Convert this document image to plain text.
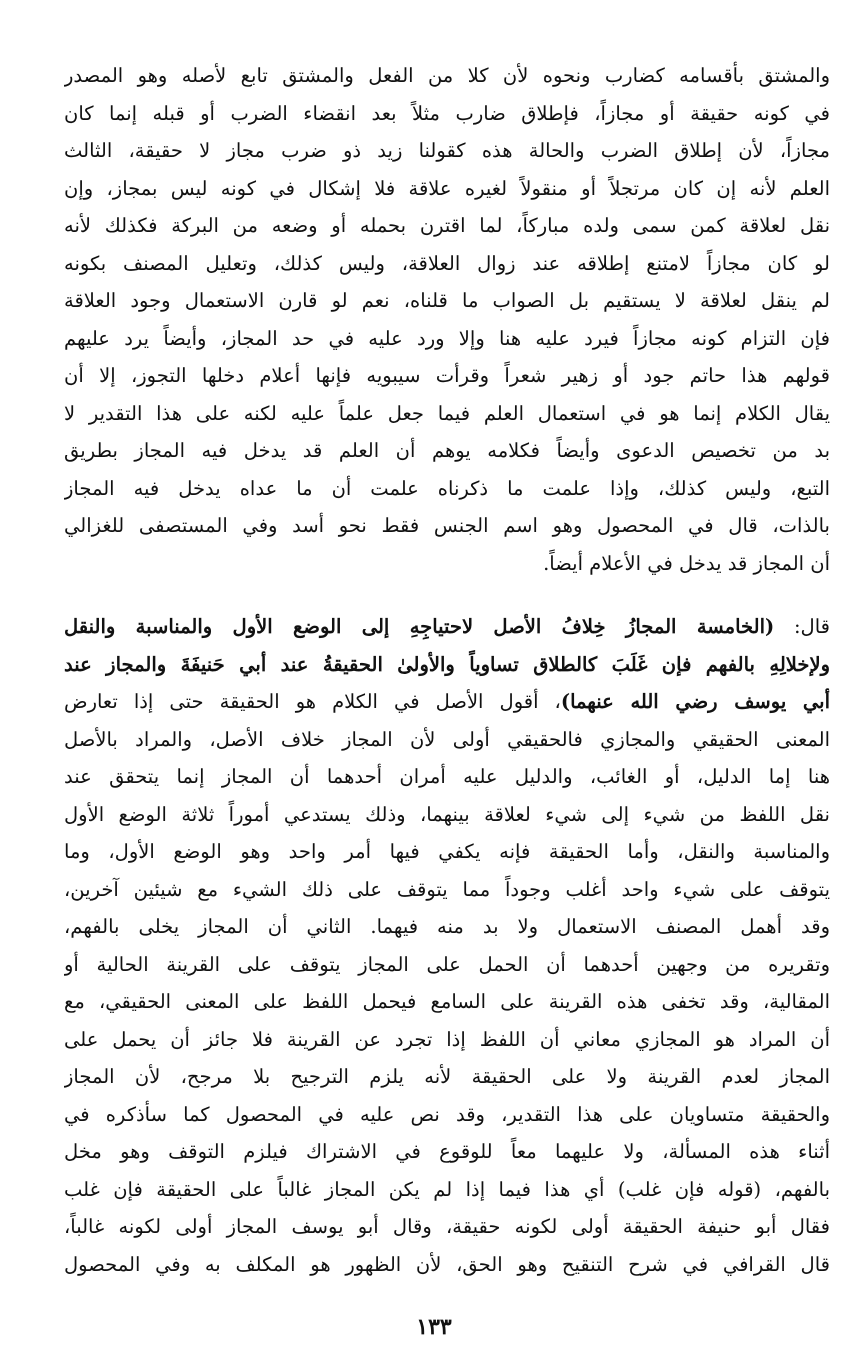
والمشتق بأقسامه كضارب ونحوه لأن كلا من الفعل والمشتق تابع لأصله وهو المصدر
في كونه حقيقة أو مجازاً، فإطلاق ضارب مثلاً بعد انقضاء الضرب أو قبله إنما كان
مجازاً، لأن إطلاق الضرب والحالة هذه كقولنا زيد ذو ضرب مجاز لا حقيقة، الثالث
العلم لأنه إن كان مرتجلاً أو منقولاً لغيره علاقة فلا إشكال في كونه ليس بمجاز، وإن
نقل لعلاقة كمن سمى ولده مباركاً، لما اقترن بحمله أو وضعه من البركة فكذلك لأنه
لو كان مجازاً لامتنع إطلاقه عند زوال العلاقة، وليس كذلك، وتعليل المصنف بكونه
لم ينقل لعلاقة لا يستقيم بل الصواب ما قلناه، نعم لو قارن الاستعمال وجود العلاقة
فإن التزام كونه مجازاً فيرد عليه هنا وإلا ورد عليه في حد المجاز، وأيضاً يرد عليهم
قولهم هذا حاتم جود أو زهير شعراً وقرأت سيبويه فإنها أعلام دخلها التجوز، إلا أن
يقال الكلام إنما هو في استعمال العلم فيما جعل علماً عليه لكنه على هذا التقدير لا
بد من تخصيص الدعوى وأيضاً فكلامه يوهم أن العلم قد يدخل فيه المجاز بطريق
التبع، وليس كذلك، وإذا علمت ما ذكرناه علمت أن ما عداه يدخل فيه المجاز
بالذات، قال في المحصول وهو اسم الجنس فقط نحو أسد وفي المستصفى للغزالي
أن المجاز قد يدخل في الأعلام أيضاً.
قال: (الخامسة المجازُ خِلافُ الأصل لاحتياجِهِ إلى الوضع الأول والمناسبة والنقل
ولإخلالِهِ بالفهم فإن غَلَبَ كالطلاق تساوياً والأولىٰ الحقيقةُ عند أبي حَنيفَةَ والمجاز عند
أبي يوسف رضي الله عنهما)، أقول الأصل في الكلام هو الحقيقة حتى إذا تعارض
المعنى الحقيقي والمجازي فالحقيقي أولى لأن المجاز خلاف الأصل، والمراد بالأصل
هنا إما الدليل، أو الغائب، والدليل عليه أمران أحدهما أن المجاز إنما يتحقق عند
نقل اللفظ من شيء إلى شيء لعلاقة بينهما، وذلك يستدعي أموراً ثلاثة الوضع الأول
والمناسبة والنقل، وأما الحقيقة فإنه يكفي فيها أمر واحد وهو الوضع الأول، وما
يتوقف على شيء واحد أغلب وجوداً مما يتوقف على ذلك الشيء مع شيئين آخرين،
وقد أهمل المصنف الاستعمال ولا بد منه فيهما. الثاني أن المجاز يخلى بالفهم،
وتقريره من وجهين أحدهما أن الحمل على المجاز يتوقف على القرينة الحالية أو
المقالية، وقد تخفى هذه القرينة على السامع فيحمل اللفظ على المعنى الحقيقي، مع
أن المراد هو المجازي معاني أن اللفظ إذا تجرد عن القرينة فلا جائز أن يحمل على
المجاز لعدم القرينة ولا على الحقيقة لأنه يلزم الترجيح بلا مرجح، لأن المجاز
والحقيقة متساويان على هذا التقدير، وقد نص عليه في المحصول كما سأذكره في
أثناء هذه المسألة، ولا عليهما معاً للوقوع في الاشتراك فيلزم التوقف وهو مخل
بالفهم، (قوله فإن غلب) أي هذا فيما إذا لم يكن المجاز غالباً على الحقيقة فإن غلب
فقال أبو حنيفة الحقيقة أولى لكونه حقيقة، وقال أبو يوسف المجاز أولى لكونه غالباً،
قال القرافي في شرح التنقيح وهو الحق، لأن الظهور هو المكلف به وفي المحصول
١٣٣
